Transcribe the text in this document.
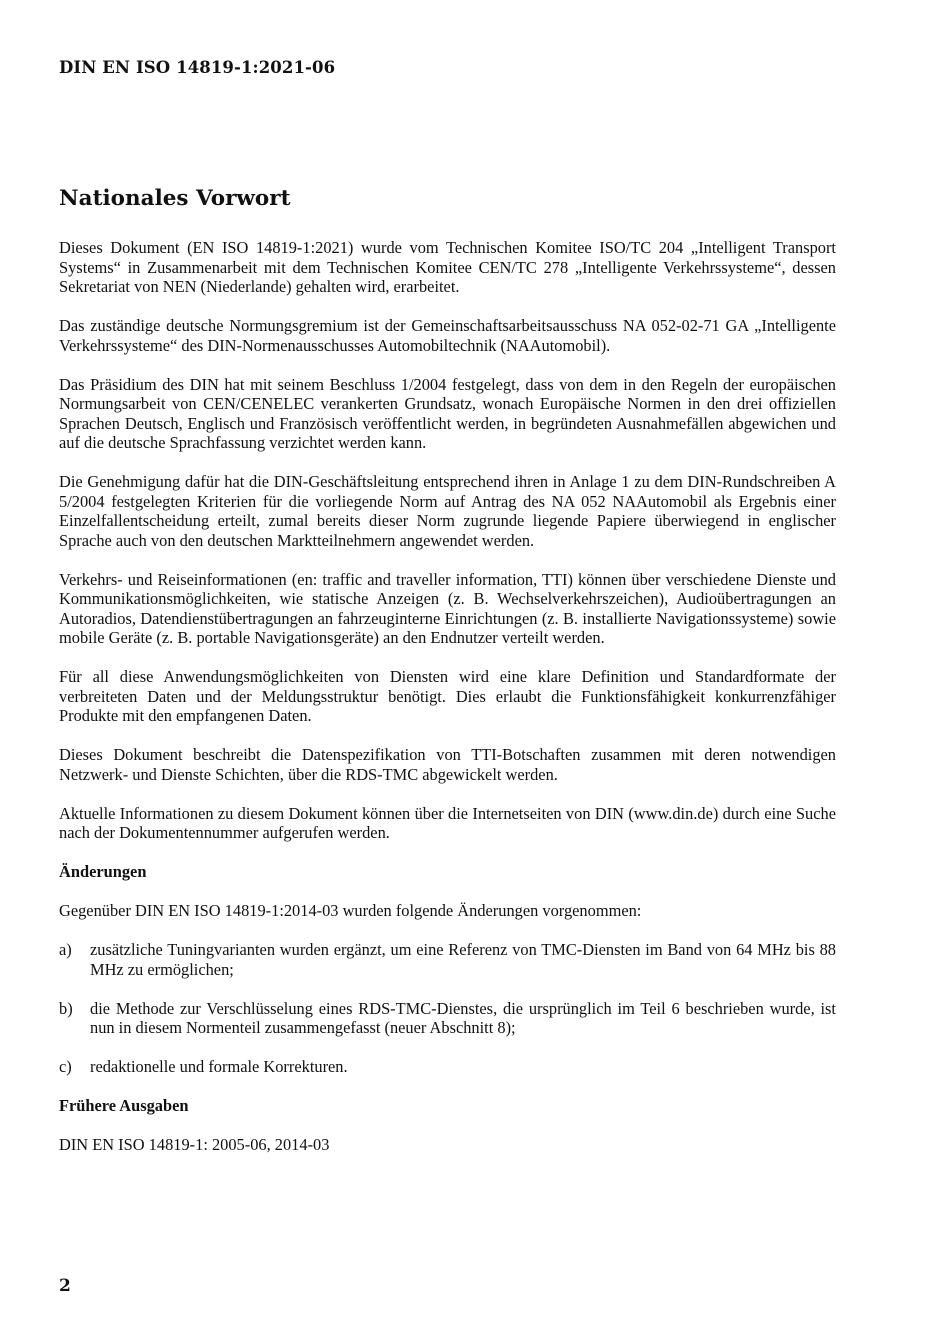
DIN EN ISO 14819-1:2021-06
Nationales Vorwort

Dieses Dokument (EN ISO 14819-1:2021) wurde vom Technischen Komitee ISO/TC 204 „Intelligent Transport Systems“ in Zusammenarbeit mit dem Technischen Komitee CEN/TC 278 „Intelligente Verkehrssysteme“, dessen Sekretariat von NEN (Niederlande) gehalten wird, erarbeitet.

Das zuständige deutsche Normungsgremium ist der Gemeinschaftsarbeitsausschuss NA 052-02-71 GA „Intelligente Verkehrssysteme“ des DIN-Normenausschusses Automobiltechnik (NAAutomobil).

Das Präsidium des DIN hat mit seinem Beschluss 1/2004 festgelegt, dass von dem in den Regeln der europäischen Normungsarbeit von CEN/CENELEC verankerten Grundsatz, wonach Europäische Normen in den drei offiziellen Sprachen Deutsch, Englisch und Französisch veröffentlicht werden, in begründeten Ausnahmefällen abgewichen und auf die deutsche Sprachfassung verzichtet werden kann.

Die Genehmigung dafür hat die DIN-Geschäftsleitung entsprechend ihren in Anlage 1 zu dem DIN-Rundschreiben A 5/2004 festgelegten Kriterien für die vorliegende Norm auf Antrag des NA 052 NAAutomobil als Ergebnis einer Einzelfallentscheidung erteilt, zumal bereits dieser Norm zugrunde liegende Papiere überwiegend in englischer Sprache auch von den deutschen Marktteilnehmern angewendet werden.

Verkehrs- und Reiseinformationen (en: traffic and traveller information, TTI) können über verschiedene Dienste und Kommunikationsmöglichkeiten, wie statische Anzeigen (z. B. Wechselverkehrszeichen), Audioübertragungen an Autoradios, Datendienstübertragungen an fahrzeuginterne Einrichtungen (z. B. installierte Navigationssysteme) sowie mobile Geräte (z. B. portable Navigationsgeräte) an den Endnutzer verteilt werden.

Für all diese Anwendungsmöglichkeiten von Diensten wird eine klare Definition und Standardformate der verbreiteten Daten und der Meldungsstruktur benötigt. Dies erlaubt die Funktionsfähigkeit konkurrenzfähiger Produkte mit den empfangenen Daten.

Dieses Dokument beschreibt die Datenspezifikation von TTI-Botschaften zusammen mit deren notwendigen Netzwerk- und Dienste Schichten, über die RDS-TMC abgewickelt werden.

Aktuelle Informationen zu diesem Dokument können über die Internetseiten von DIN (www.din.de) durch eine Suche nach der Dokumentennummer aufgerufen werden.

Änderungen

Gegenüber DIN EN ISO 14819-1:2014-03 wurden folgende Änderungen vorgenommen:

a)	zusätzliche Tuningvarianten wurden ergänzt, um eine Referenz von TMC-Diensten im Band von 64 MHz bis 88 MHz zu ermöglichen;
b)	die Methode zur Verschlüsselung eines RDS-TMC-Dienstes, die ursprünglich im Teil 6 beschrieben wurde, ist nun in diesem Normenteil zusammengefasst (neuer Abschnitt 8);
c)	redaktionelle und formale Korrekturen.
Frühere Ausgaben

DIN EN ISO 14819-1: 2005-06, 2014-03

2
